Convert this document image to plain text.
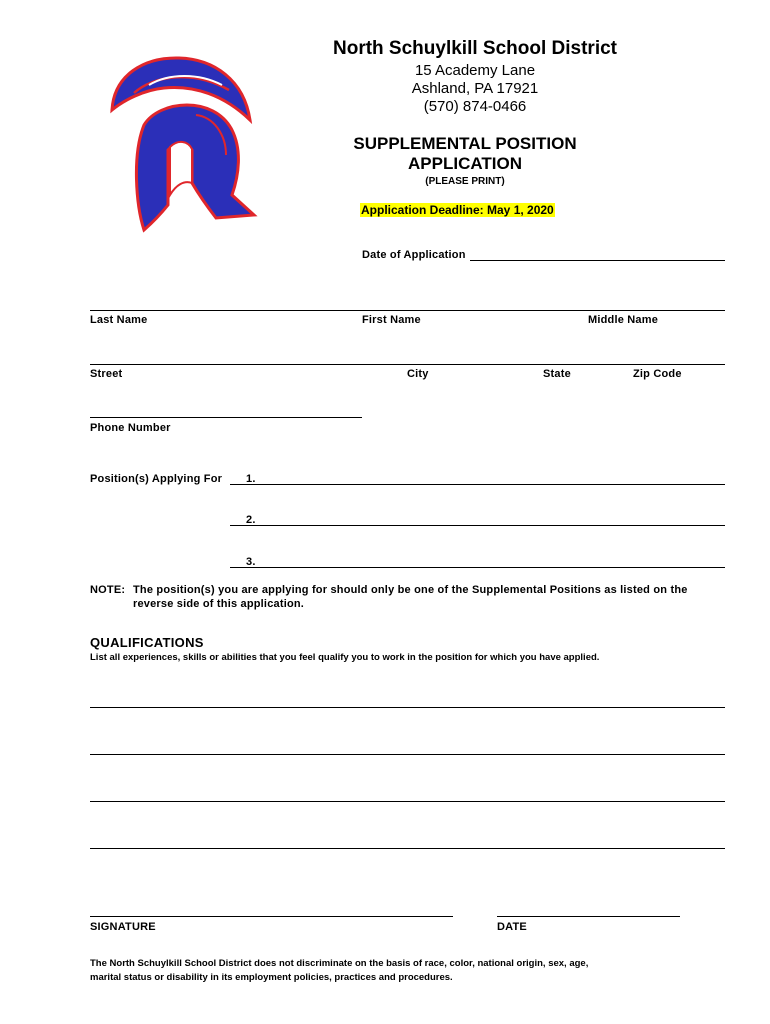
North Schuylkill School District
15 Academy Lane
Ashland, PA 17921
(570) 874-0466
SUPPLEMENTAL POSITION
APPLICATION
(PLEASE PRINT)
Application Deadline: May 1, 2020
Date of Application
Last Name	First Name	Middle Name
Street	City	State	Zip Code
Phone Number
Position(s) Applying For 1.
2.
3.
NOTE: The position(s) you are applying for should only be one of the Supplemental Positions as listed on the
reverse side of this application.
QUALIFICATIONS
List all experiences, skills or abilities that you feel qualify you to work in the position for which you have applied.
SIGNATURE	DATE
The North Schuylkill School District does not discriminate on the basis of race, color, national origin, sex, age,
marital status or disability in its employment policies, practices and procedures.
